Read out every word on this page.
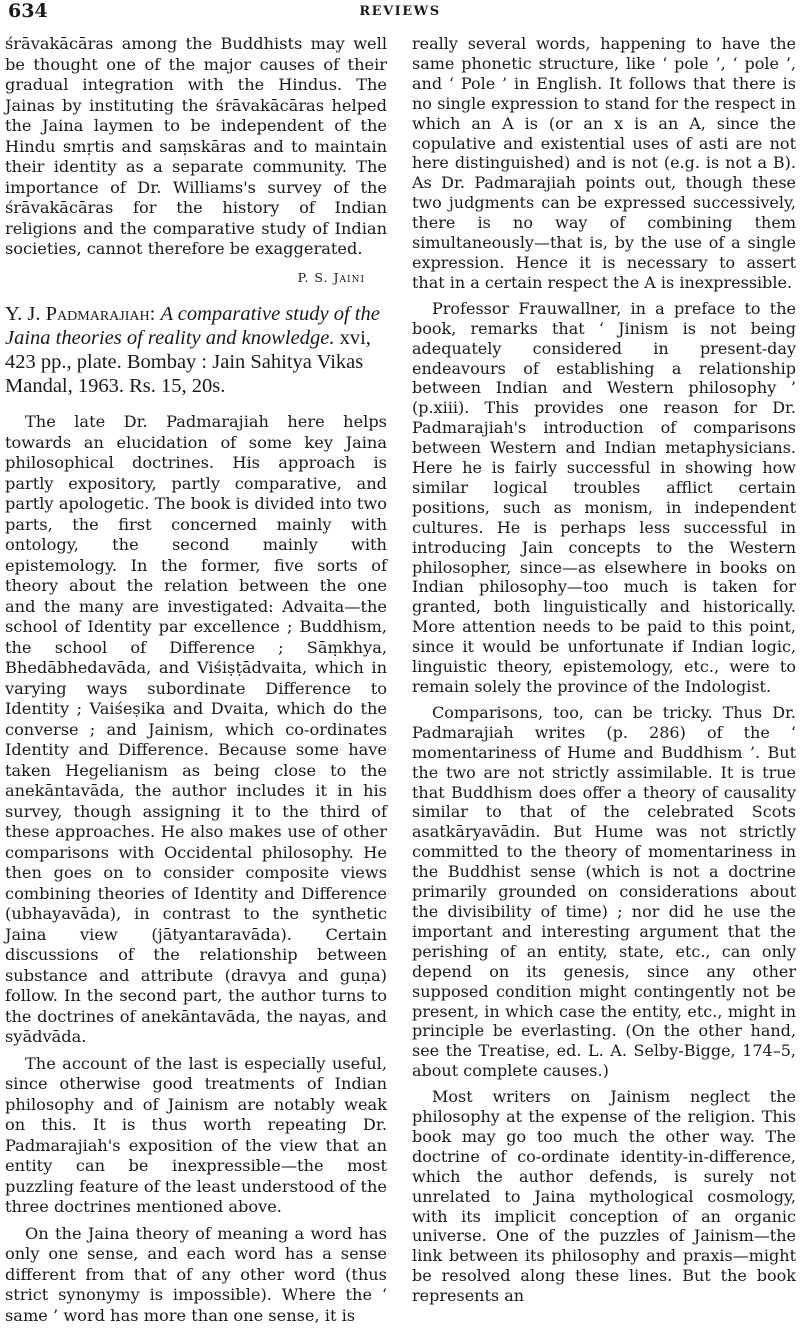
634	REVIEWS

śrāvakācāras among the Buddhists may well be thought one of the major causes of their gradual integration with the Hindus. The Jainas by instituting the śrāvakācāras helped the Jaina laymen to be independent of the Hindu smṛtis and saṃskāras and to maintain their identity as a separate community. The importance of Dr. Williams's survey of the śrāvakācāras for the history of Indian religions and the comparative study of Indian societies, cannot therefore be exaggerated.

P. S. Jaini

Y. J. Padmarajiah: A comparative study of the Jaina theories of reality and knowledge. xvi, 423 pp., plate. Bombay : Jain Sahitya Vikas Mandal, 1963. Rs. 15, 20s.

The late Dr. Padmarajiah here helps towards an elucidation of some key Jaina philosophical doctrines. His approach is partly expository, partly comparative, and partly apologetic. The book is divided into two parts, the first concerned mainly with ontology, the second mainly with epistemology. In the former, five sorts of theory about the relation between the one and the many are investigated: Advaita—the school of Identity par excellence ; Buddhism, the school of Difference ; Sāṃkhya, Bhedābhedavāda, and Viśiṣṭādvaita, which in varying ways subordinate Difference to Identity ; Vaiśeṣika and Dvaita, which do the converse ; and Jainism, which co-ordinates Identity and Difference. Because some have taken Hegelianism as being close to the anekāntavāda, the author includes it in his survey, though assigning it to the third of these approaches. He also makes use of other comparisons with Occidental philosophy. He then goes on to consider composite views combining theories of Identity and Difference (ubhayavāda), in contrast to the synthetic Jaina view (jātyantaravāda). Certain discussions of the relationship between substance and attribute (dravya and guṇa) follow. In the second part, the author turns to the doctrines of anekāntavāda, the nayas, and syādvāda.

The account of the last is especially useful, since otherwise good treatments of Indian philosophy and of Jainism are notably weak on this. It is thus worth repeating Dr. Padmarajiah's exposition of the view that an entity can be inexpressible—the most puzzling feature of the least understood of the three doctrines mentioned above.

On the Jaina theory of meaning a word has only one sense, and each word has a sense different from that of any other word (thus strict synonymy is impossible). Where the ‘ same ’ word has more than one sense, it is

really several words, happening to have the same phonetic structure, like ‘ pole ’, ‘ pole ’, and ‘ Pole ’ in English. It follows that there is no single expression to stand for the respect in which an A is (or an x is an A, since the copulative and existential uses of asti are not here distinguished) and is not (e.g. is not a B). As Dr. Padmarajiah points out, though these two judgments can be expressed successively, there is no way of combining them simultaneously—that is, by the use of a single expression. Hence it is necessary to assert that in a certain respect the A is inexpressible.

Professor Frauwallner, in a preface to the book, remarks that ‘ Jinism is not being adequately considered in present-day endeavours of establishing a relationship between Indian and Western philosophy ’ (p.xiii). This provides one reason for Dr. Padmarajiah's introduction of comparisons between Western and Indian metaphysicians. Here he is fairly successful in showing how similar logical troubles afflict certain positions, such as monism, in independent cultures. He is perhaps less successful in introducing Jain concepts to the Western philosopher, since—as elsewhere in books on Indian philosophy—too much is taken for granted, both linguistically and historically. More attention needs to be paid to this point, since it would be unfortunate if Indian logic, linguistic theory, epistemology, etc., were to remain solely the province of the Indologist.

Comparisons, too, can be tricky. Thus Dr. Padmarajiah writes (p. 286) of the ‘ momentariness of Hume and Buddhism ’. But the two are not strictly assimilable. It is true that Buddhism does offer a theory of causality similar to that of the celebrated Scots asatkāryavādin. But Hume was not strictly committed to the theory of momentariness in the Buddhist sense (which is not a doctrine primarily grounded on considerations about the divisibility of time) ; nor did he use the important and interesting argument that the perishing of an entity, state, etc., can only depend on its genesis, since any other supposed condition might contingently not be present, in which case the entity, etc., might in principle be everlasting. (On the other hand, see the Treatise, ed. L. A. Selby-Bigge, 174–5, about complete causes.)

Most writers on Jainism neglect the philosophy at the expense of the religion. This book may go too much the other way. The doctrine of co-ordinate identity-in-difference, which the author defends, is surely not unrelated to Jaina mythological cosmology, with its implicit conception of an organic universe. One of the puzzles of Jainism—the link between its philosophy and praxis—might be resolved along these lines. But the book represents an
